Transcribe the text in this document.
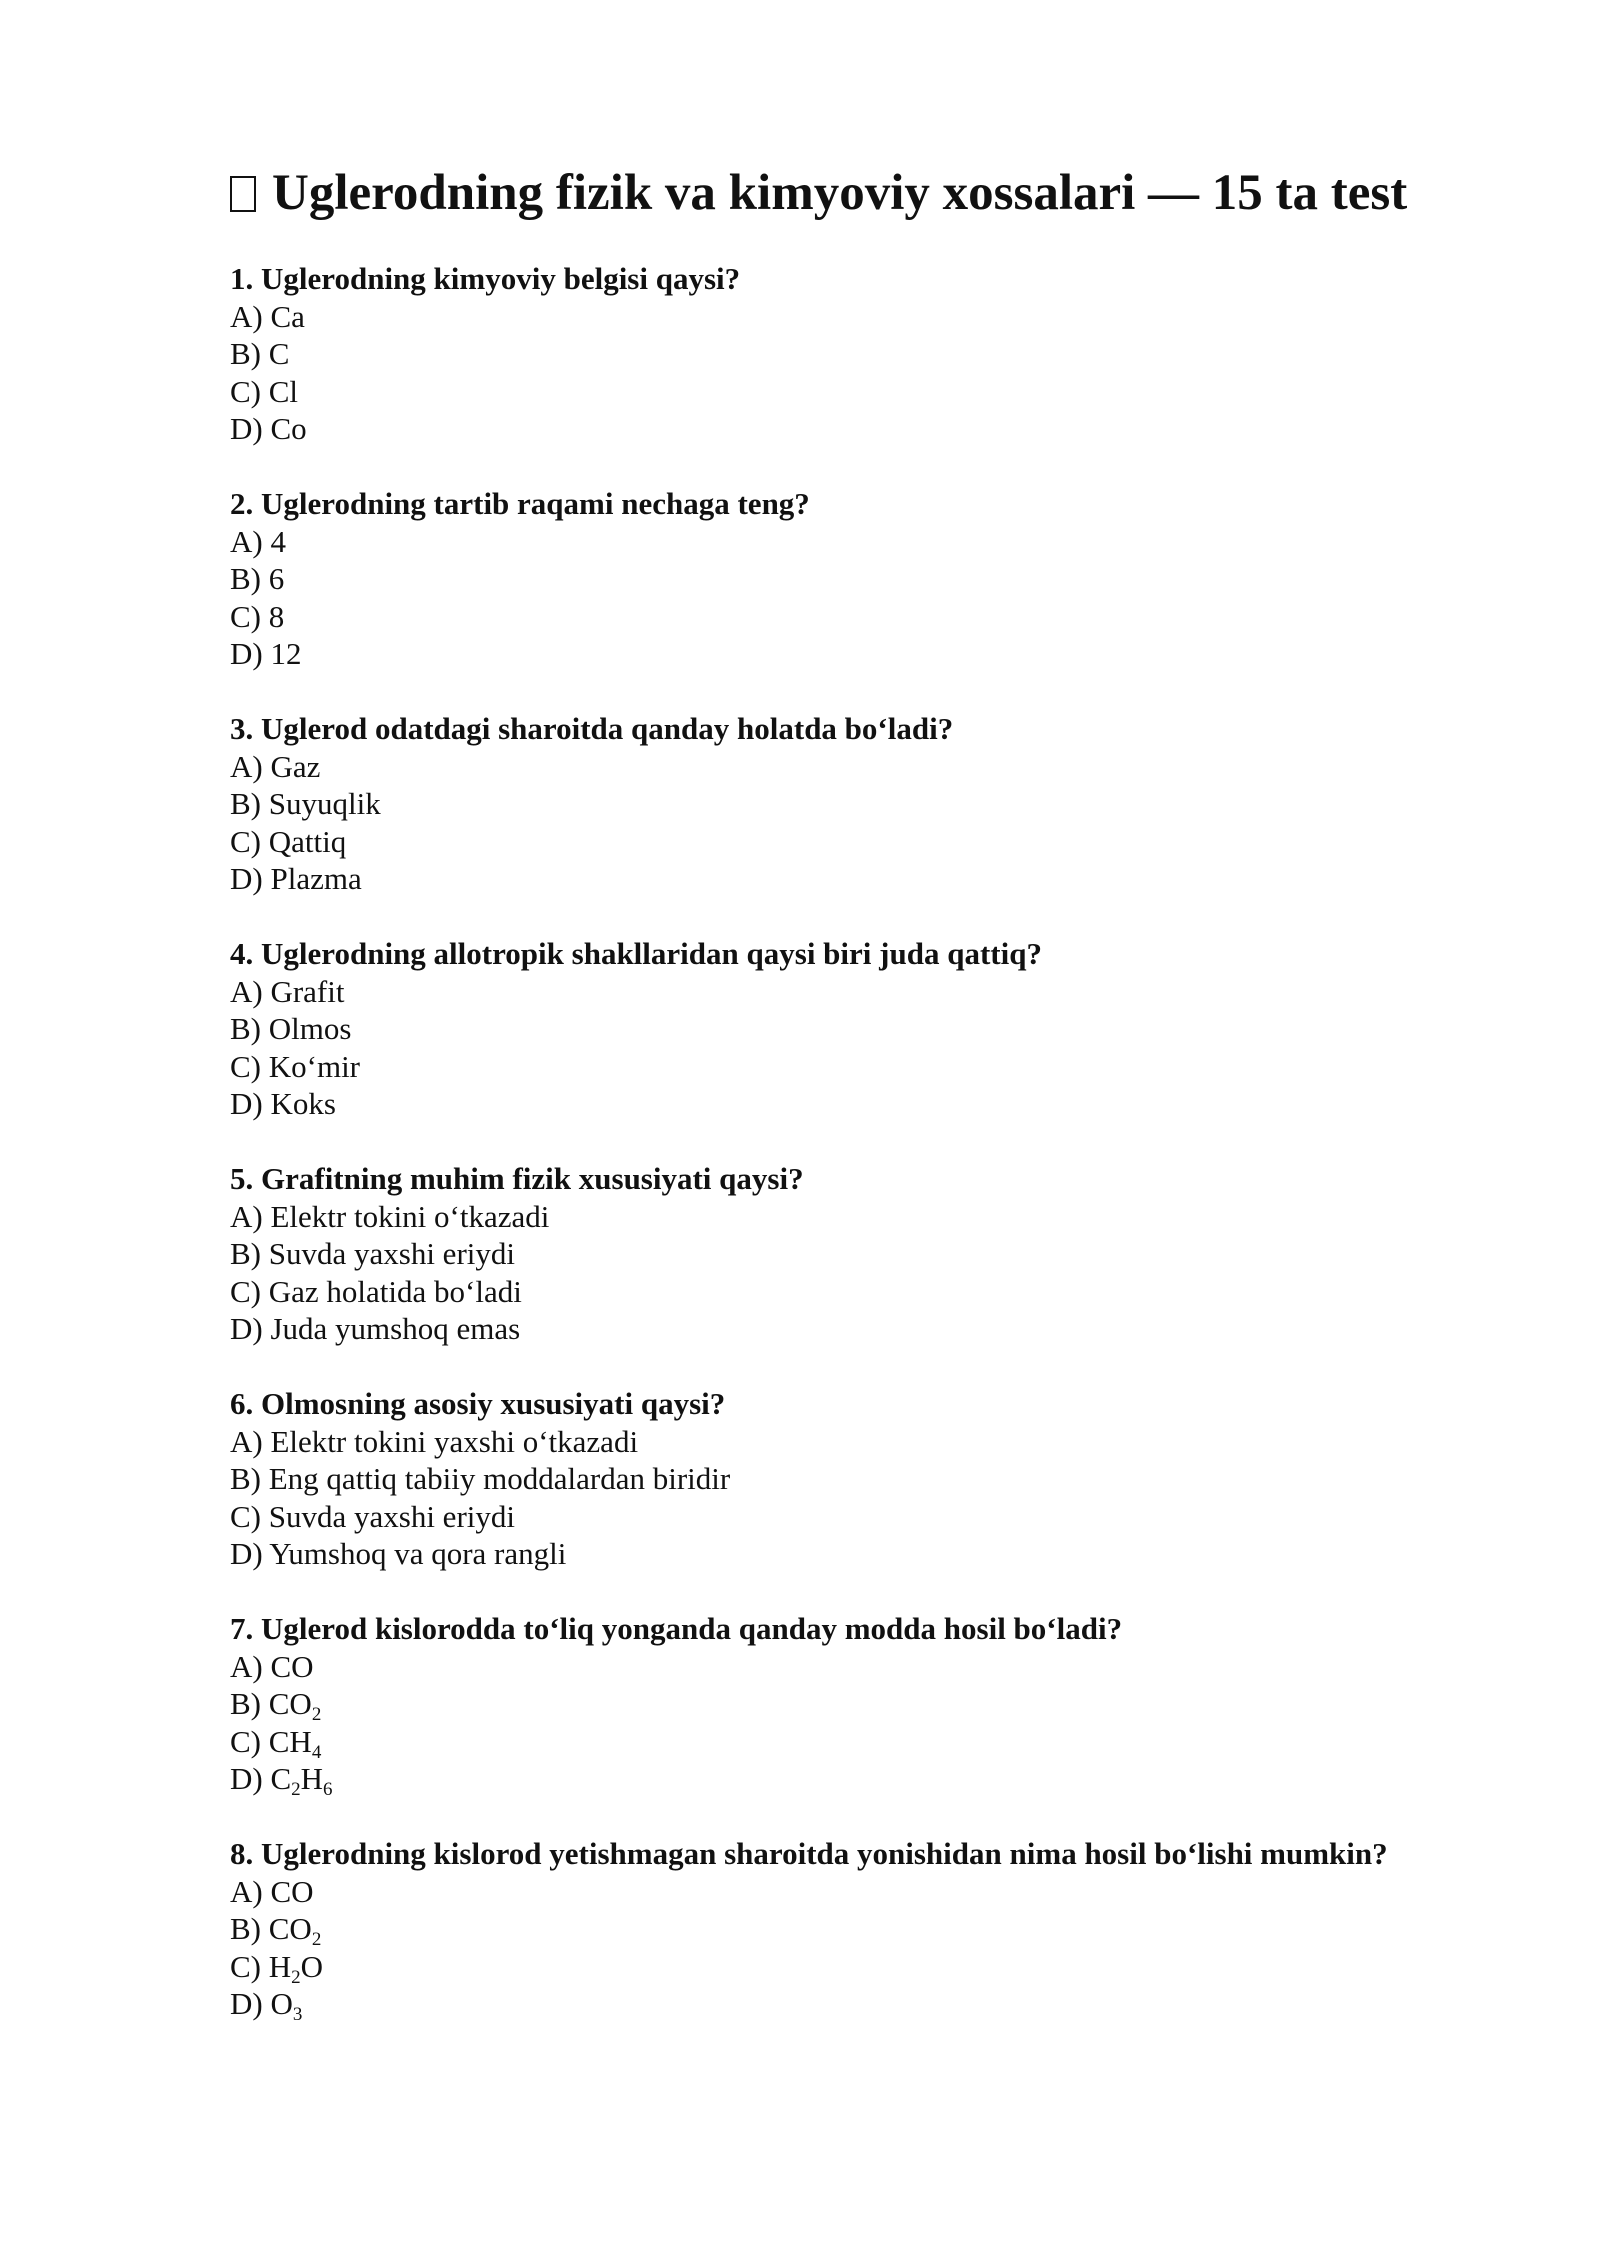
Uglerodning fizik va kimyoviy xossalari — 15 ta test
1. Uglerodning kimyoviy belgisi qaysi?
A) Ca
B) C
C) Cl
D) Co
2. Uglerodning tartib raqami nechaga teng?
A) 4
B) 6
C) 8
D) 12
3. Uglerod odatdagi sharoitda qanday holatda bo‘ladi?
A) Gaz
B) Suyuqlik
C) Qattiq
D) Plazma
4. Uglerodning allotropik shakllaridan qaysi biri juda qattiq?
A) Grafit
B) Olmos
C) Ko‘mir
D) Koks
5. Grafitning muhim fizik xususiyati qaysi?
A) Elektr tokini o‘tkazadi
B) Suvda yaxshi eriydi
C) Gaz holatida bo‘ladi
D) Juda yumshoq emas
6. Olmosning asosiy xususiyati qaysi?
A) Elektr tokini yaxshi o‘tkazadi
B) Eng qattiq tabiiy moddalardan biridir
C) Suvda yaxshi eriydi
D) Yumshoq va qora rangli
7. Uglerod kislorodda to‘liq yonganda qanday modda hosil bo‘ladi?
A) CO
B) $CO_2$
C) $CH_4$
D) $C_2H_6$
8. Uglerodning kislorod yetishmagan sharoitda yonishidan nima hosil bo‘lishi mumkin?
A) CO
B) $CO_2$
C) $H_2O$
D) $O_3$
